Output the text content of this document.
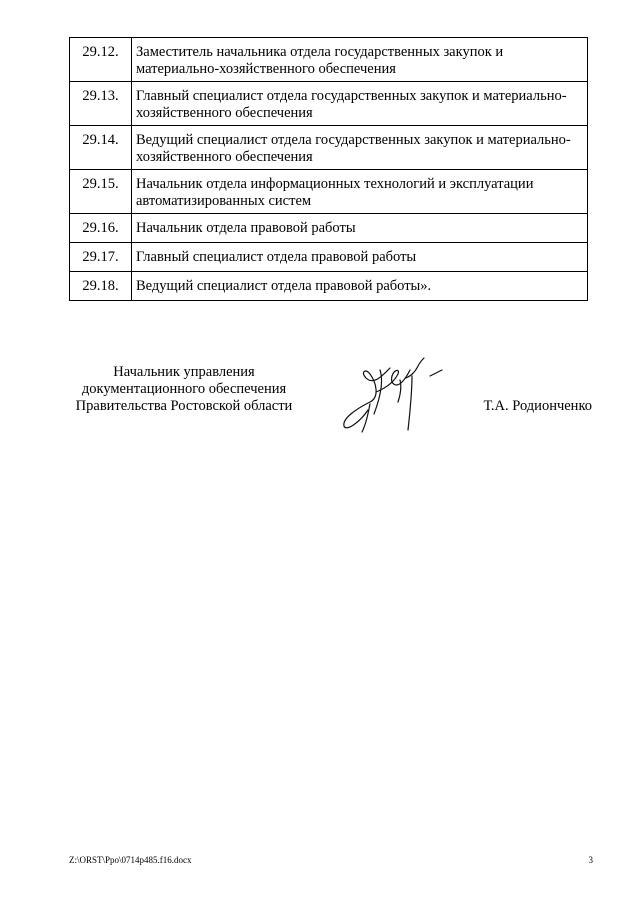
29.12.	Заместитель начальника отдела государственных закупок и материально-хозяйственного обеспечения
29.13.	Главный специалист отдела государственных закупок и материально-хозяйственного обеспечения
29.14.	Ведущий специалист отдела государственных закупок и материально-хозяйственного обеспечения
29.15.	Начальник отдела информационных технологий и эксплуатации автоматизированных систем
29.16.	Начальник отдела правовой работы
29.17.	Главный специалист отдела правовой работы
29.18.	Ведущий специалист отдела правовой работы».
Начальник управления
документационного обеспечения
Правительства Ростовской области	Т.А. Родионченко
Z:\ORST\Ppo\0714p485.f16.docx	3
